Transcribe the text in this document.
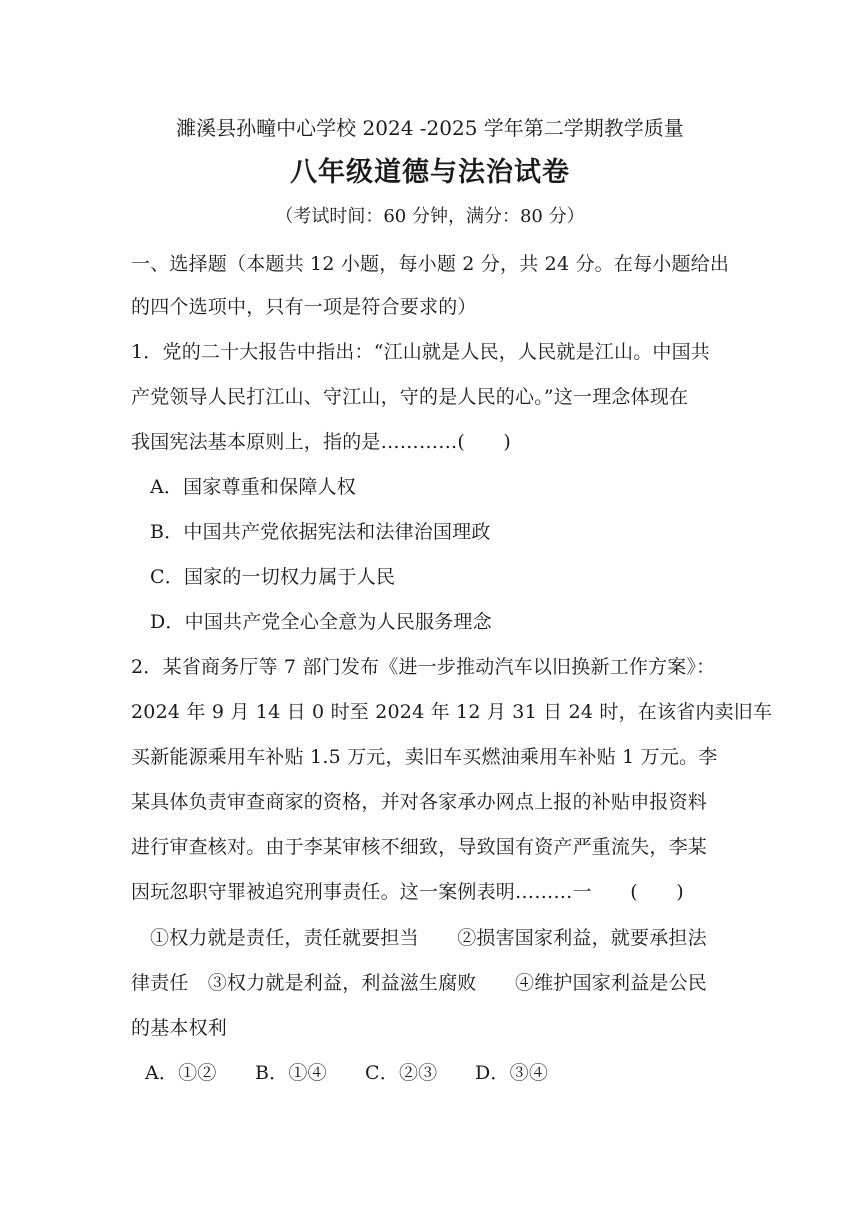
濉溪县孙疃中心学校 2024 -2025 学年第二学期教学质量
八年级道德与法治试卷
（考试时间：60 分钟，满分：80 分）
一、选择题（本题共 12 小题，每小题 2 分，共 24 分。在每小题给出
的四个选项中，只有一项是符合要求的）
1．党的二十大报告中指出：“江山就是人民，人民就是江山。中国共
产党领导人民打江山、守江山，守的是人民的心。”这一理念体现在
我国宪法基本原则上，指的是…………(　　)
A．国家尊重和保障人权
B．中国共产党依据宪法和法律治国理政
C．国家的一切权力属于人民
D．中国共产党全心全意为人民服务理念
2．某省商务厅等 7 部门发布《进一步推动汽车以旧换新工作方案》：
2024 年 9 月 14 日 0 时至 2024 年 12 月 31 日 24 时，在该省内卖旧车
买新能源乘用车补贴 1.5 万元，卖旧车买燃油乘用车补贴 1 万元。李
某具体负责审查商家的资格，并对各家承办网点上报的补贴申报资料
进行审查核对。由于李某审核不细致，导致国有资产严重流失，李某
因玩忽职守罪被追究刑事责任。这一案例表明………一　　(　　)
①权力就是责任，责任就要担当　　②损害国家利益，就要承担法
律责任　③权力就是利益，利益滋生腐败　　④维护国家利益是公民
的基本权利
A．①② B．①④ C．②③ D．③④
